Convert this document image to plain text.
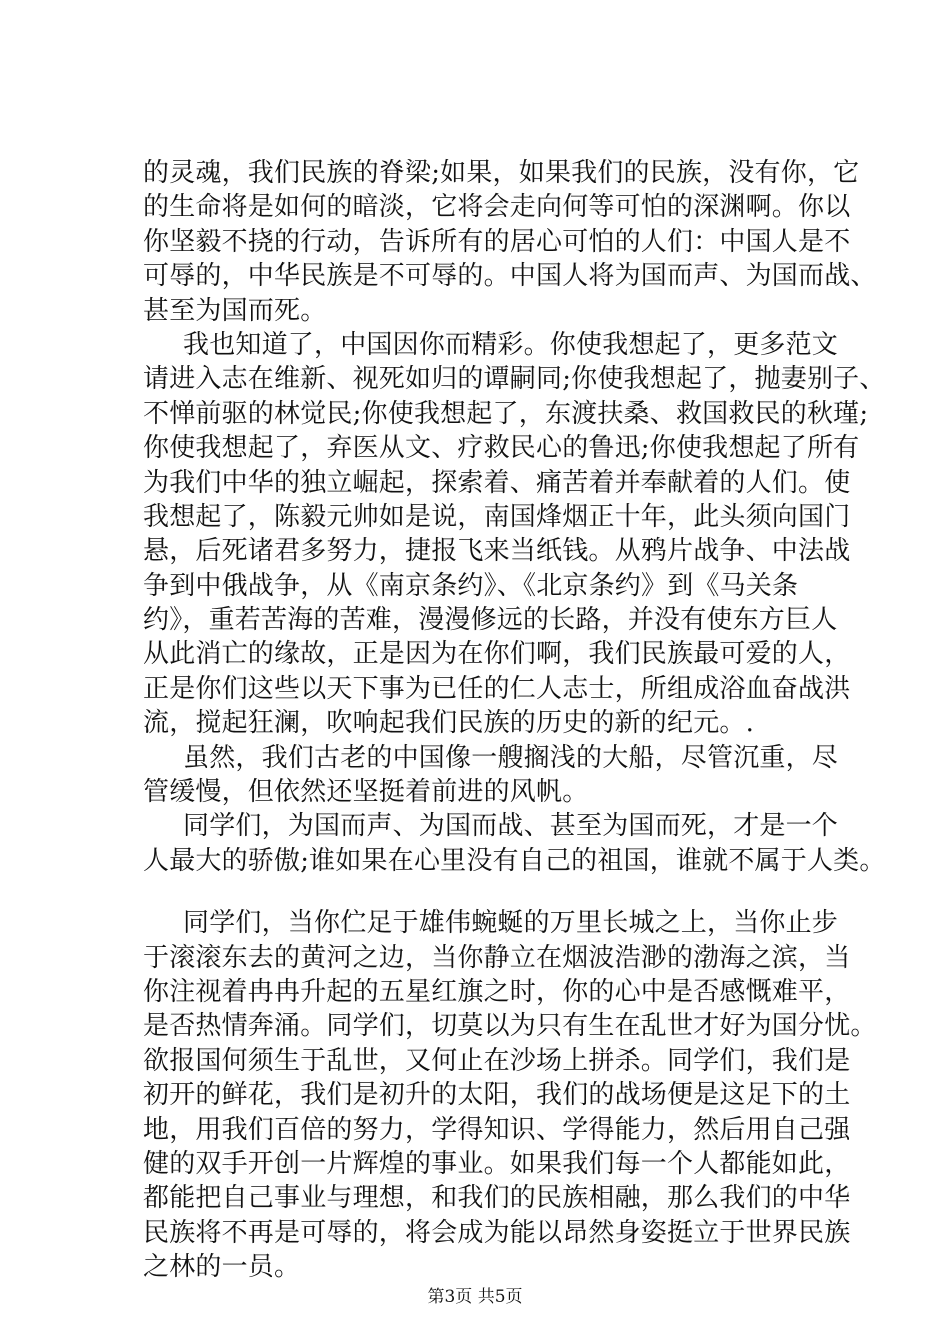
的灵魂，我们民族的脊梁;如果，如果我们的民族，没有你，它
的生命将是如何的暗淡，它将会走向何等可怕的深渊啊。你以
你坚毅不挠的行动，告诉所有的居心可怕的人们：中国人是不
可辱的，中华民族是不可辱的。中国人将为国而声、为国而战、
甚至为国而死。
我也知道了，中国因你而精彩。你使我想起了，更多范文
请进入志在维新、视死如归的谭嗣同;你使我想起了，抛妻别子、
不惮前驱的林觉民;你使我想起了，东渡扶桑、救国救民的秋瑾;
你使我想起了，弃医从文、疗救民心的鲁迅;你使我想起了所有
为我们中华的独立崛起，探索着、痛苦着并奉献着的人们。使
我想起了，陈毅元帅如是说，南国烽烟正十年，此头须向国门
悬，后死诸君多努力，捷报飞来当纸钱。从鸦片战争、中法战
争到中俄战争，从《南京条约》、《北京条约》到《马关条
约》，重若苦海的苦难，漫漫修远的长路，并没有使东方巨人
从此消亡的缘故，正是因为在你们啊，我们民族最可爱的人，
正是你们这些以天下事为已任的仁人志士，所组成浴血奋战洪
流，搅起狂澜，吹响起我们民族的历史的新的纪元。.
虽然，我们古老的中国像一艘搁浅的大船，尽管沉重，尽
管缓慢，但依然还坚挺着前进的风帆。
同学们，为国而声、为国而战、甚至为国而死，才是一个
人最大的骄傲;谁如果在心里没有自己的祖国，谁就不属于人类。
同学们，当你伫足于雄伟蜿蜒的万里长城之上，当你止步
于滚滚东去的黄河之边，当你静立在烟波浩渺的渤海之滨，当
你注视着冉冉升起的五星红旗之时，你的心中是否感慨难平，
是否热情奔涌。同学们，切莫以为只有生在乱世才好为国分忧。
欲报国何须生于乱世，又何止在沙场上拼杀。同学们，我们是
初开的鲜花，我们是初升的太阳，我们的战场便是这足下的土
地，用我们百倍的努力，学得知识、学得能力，然后用自己强
健的双手开创一片辉煌的事业。如果我们每一个人都能如此，
都能把自己事业与理想，和我们的民族相融，那么我们的中华
民族将不再是可辱的，将会成为能以昂然身姿挺立于世界民族
之林的一员。
第3页 共5页
